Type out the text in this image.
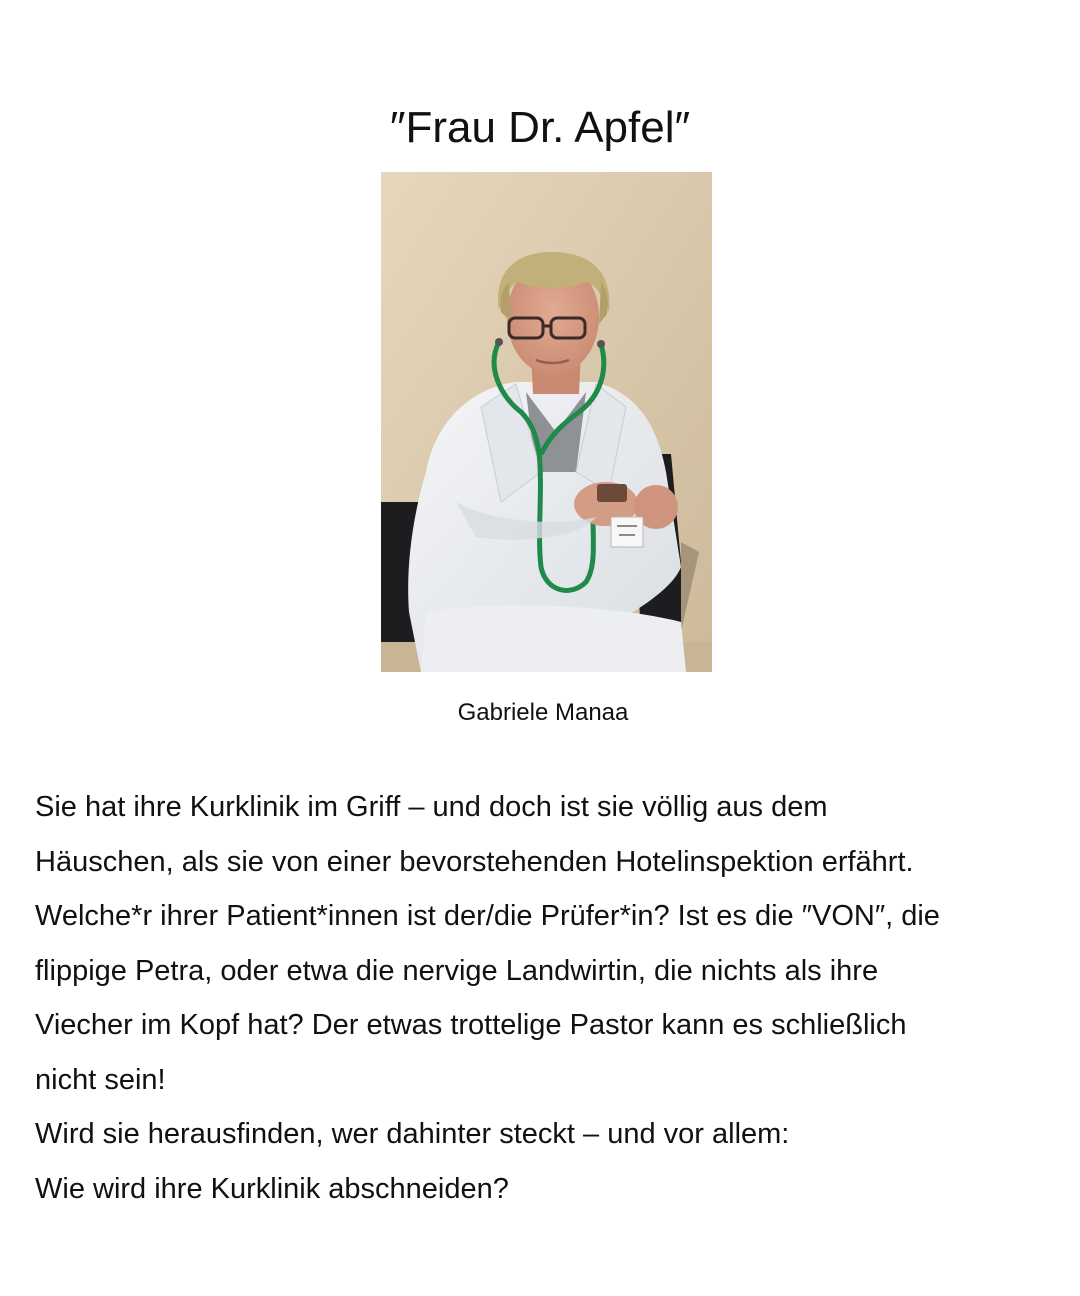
″Frau Dr. Apfel″
Gabriele Manaa

Sie hat ihre Kurklinik im Griff – und doch ist sie völlig aus dem
Häuschen, als sie von einer bevorstehenden Hotelinspektion erfährt.
Welche*r ihrer Patient*innen ist der/die Prüfer*in? Ist es die ″VON″, die
flippige Petra, oder etwa die nervige Landwirtin, die nichts als ihre
Viecher im Kopf hat? Der etwas trottelige Pastor kann es schließlich
nicht sein!

Wird sie herausfinden, wer dahinter steckt – und vor allem:

Wie wird ihre Kurklinik abschneiden?
